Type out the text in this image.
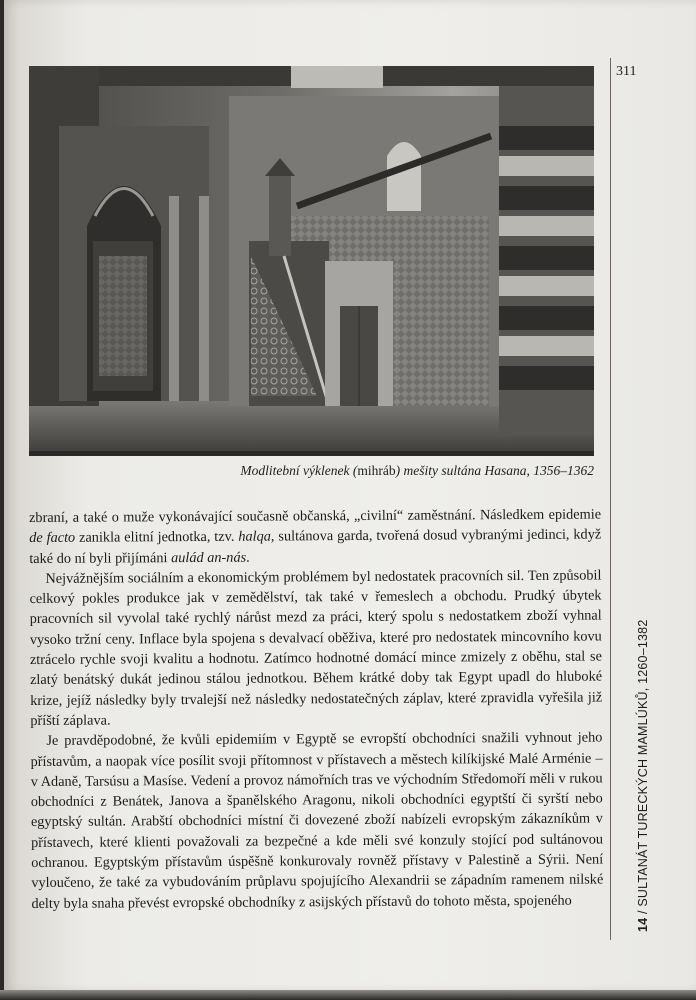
311
14 / SULTANÁT TURECKÝCH MAMLÚKŮ, 1260–1382
Modlitební výklenek (mihráb) mešity sultána Hasana, 1356–1362

zbraní, a také o muže vykonávající současně občanská, „civilní“ zaměstnání. Následkem epidemie de facto zanikla elitní jednotka, tzv. halqa, sultánova garda, tvořená dosud vybranými jedinci, když také do ní byli přijímáni aulád an-nás.

Nejvážnějším sociálním a ekonomickým problémem byl nedostatek pracovních sil. Ten způsobil celkový pokles produkce jak v zemědělství, tak také v řemeslech a obchodu. Prudký úbytek pracovních sil vyvolal také rychlý nárůst mezd za práci, který spolu s nedostatkem zboží vyhnal vysoko tržní ceny. Inflace byla spojena s devalvací oběživa, které pro nedostatek mincovního kovu ztrácelo rychle svoji kvalitu a hodnotu. Zatímco hodnotné domácí mince zmizely z oběhu, stal se zlatý benátský dukát jedinou stálou jednotkou. Během krátké doby tak Egypt upadl do hluboké krize, jejíž následky byly trvalejší než následky nedostatečných záplav, které zpravidla vyřešila již příští záplava.

Je pravděpodobné, že kvůli epidemiím v Egyptě se evropští obchodníci snažili vyhnout jeho přístavům, a naopak více posílit svoji přítomnost v přístavech a městech kilíkijské Malé Arménie – v Adaně, Tarsúsu a Masíse. Vedení a provoz námořních tras ve východním Středomoří měli v rukou obchodníci z Benátek, Janova a španělského Aragonu, nikoli obchodníci egyptští či syrští nebo egyptský sultán. Arabští obchodníci místní či dovezené zboží nabízeli evropským zákazníkům v přístavech, které klienti považovali za bezpečné a kde měli své konzuly stojící pod sultánovou ochranou. Egyptským přístavům úspěšně konkurovaly rovněž přístavy v Palestině a Sýrii. Není vyloučeno, že také za vybudováním průplavu spojujícího Alexandrii se západním ramenem nilské delty byla snaha převést evropské obchodníky z asijských přístavů do tohoto města, spojeného
